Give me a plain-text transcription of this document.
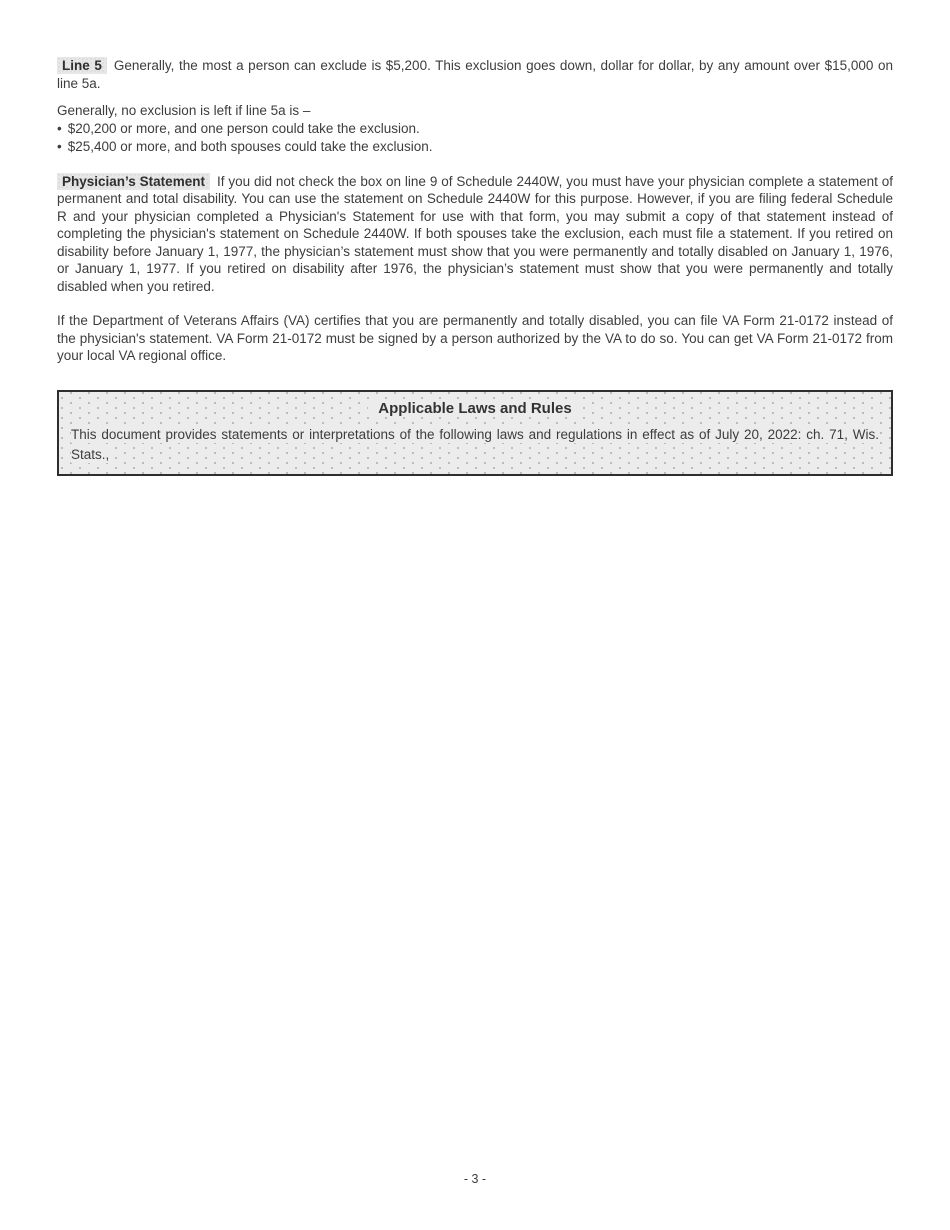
Line 5 Generally, the most a person can exclude is $5,200. This exclusion goes down, dollar for dollar, by any amount over $15,000 on line 5a.

Generally, no exclusion is left if line 5a is –

• $20,200 or more, and one person could take the exclusion.
• $25,400 or more, and both spouses could take the exclusion.

Physician’s Statement If you did not check the box on line 9 of Schedule 2440W, you must have your physician complete a statement of permanent and total disability. You can use the statement on Schedule 2440W for this purpose. However, if you are filing federal Schedule R and your physician completed a Physician's Statement for use with that form, you may submit a copy of that statement instead of completing the physician's statement on Schedule 2440W. If both spouses take the exclusion, each must file a statement. If you retired on disability before January 1, 1977, the physician’s statement must show that you were permanently and totally disabled on January 1, 1976, or January 1, 1977. If you retired on disability after 1976, the physician’s statement must show that you were permanently and totally disabled when you retired.

If the Department of Veterans Affairs (VA) certifies that you are permanently and totally disabled, you can file VA Form 21-0172 instead of the physician's statement. VA Form 21-0172 must be signed by a person authorized by the VA to do so. You can get VA Form 21-0172 from your local VA regional office.

Applicable Laws and Rules

This document provides statements or interpretations of the following laws and regulations in effect as of July 20, 2022: ch. 71, Wis. Stats.,

- 3 -
